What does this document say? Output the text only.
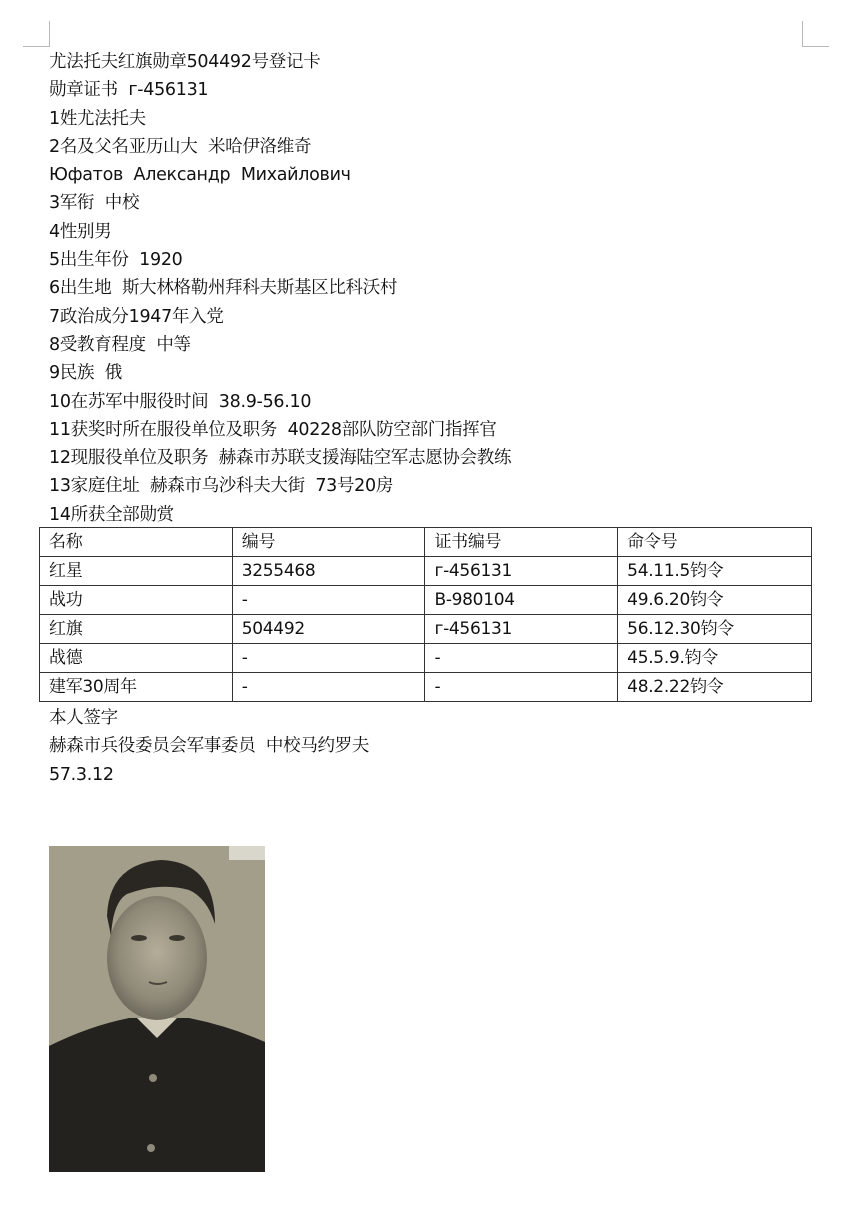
尤法托夫红旗勋章504492号登记卡
勋章证书  г-456131
1姓尤法托夫
2名及父名亚历山大  米哈伊洛维奇
Юфатов  Александр  Михайлович
3军衔  中校
4性别男
5出生年份  1920
6出生地  斯大林格勒州拜科夫斯基区比科沃村
7政治成分1947年入党
8受教育程度  中等
9民族  俄
10在苏军中服役时间  38.9-56.10
11获奖时所在服役单位及职务  40228部队防空部门指挥官
12现服役单位及职务  赫森市苏联支援海陆空军志愿协会教练
13家庭住址  赫森市乌沙科夫大街  73号20房
14所获全部勋赏
名称	编号	证书编号	命令号
红星	3255468	г-456131	54.11.5钧令
战功	-	В-980104	49.6.20钧令
红旗	504492	г-456131	56.12.30钧令
战德	-	-	45.5.9.钧令
建军30周年	-	-	48.2.22钧令
本人签字
赫森市兵役委员会军事委员  中校马约罗夫
57.3.12
